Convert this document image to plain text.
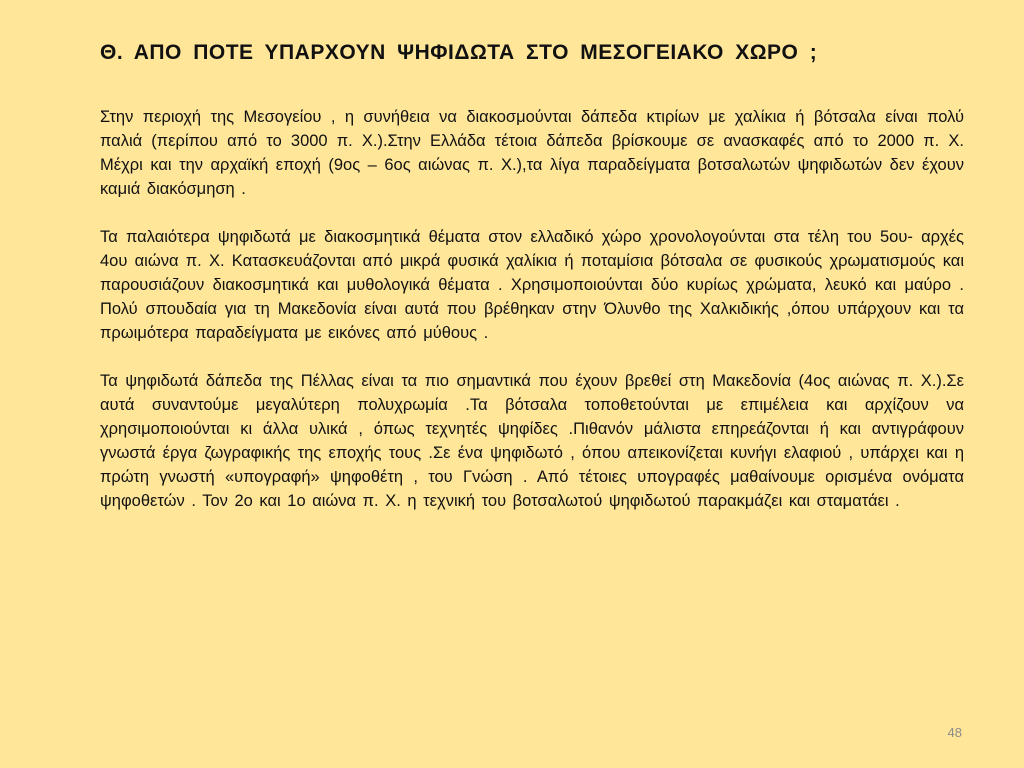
Θ. ΑΠΟ ΠΟΤΕ ΥΠΑΡΧΟΥΝ ΨΗΦΙΔΩΤΑ ΣΤΟ ΜΕΣΟΓΕΙΑΚΟ ΧΩΡΟ ;

Στην περιοχή της Μεσογείου , η συνήθεια να διακοσμούνται δάπεδα κτιρίων με χαλίκια ή βότσαλα είναι πολύ παλιά (περίπου από το 3000 π. Χ.).Στην Ελλάδα τέτοια δάπεδα βρίσκουμε σε ανασκαφές από το 2000 π. Χ. Μέχρι και την αρχαϊκή εποχή (9ος – 6ος αιώνας π. Χ.),τα λίγα παραδείγματα βοτσαλωτών ψηφιδωτών δεν έχουν καμιά διακόσμηση .

Τα παλαιότερα ψηφιδωτά με διακοσμητικά θέματα στον ελλαδικό χώρο χρονολογούνται στα τέλη του 5ου- αρχές 4ου αιώνα π. Χ. Κατασκευάζονται από μικρά φυσικά χαλίκια ή ποταμίσια βότσαλα σε φυσικούς χρωματισμούς και παρουσιάζουν διακοσμητικά και μυθολογικά θέματα . Χρησιμοποιούνται δύο κυρίως χρώματα, λευκό και μαύρο . Πολύ σπουδαία για τη Μακεδονία είναι αυτά που βρέθηκαν στην Όλυνθο της Χαλκιδικής ,όπου υπάρχουν και τα πρωιμότερα παραδείγματα με εικόνες από μύθους .

Τα ψηφιδωτά δάπεδα της Πέλλας είναι τα πιο σημαντικά που έχουν βρεθεί στη Μακεδονία (4ος αιώνας π. Χ.).Σε αυτά συναντούμε μεγαλύτερη πολυχρωμία .Τα βότσαλα τοποθετούνται με επιμέλεια και αρχίζουν να χρησιμοποιούνται κι άλλα υλικά , όπως τεχνητές ψηφίδες .Πιθανόν μάλιστα επηρεάζονται ή και αντιγράφουν γνωστά έργα ζωγραφικής της εποχής τους .Σε ένα ψηφιδωτό , όπου απεικονίζεται κυνήγι ελαφιού , υπάρχει και η πρώτη γνωστή «υπογραφή» ψηφοθέτη , του Γνώση . Από τέτοιες υπογραφές μαθαίνουμε ορισμένα ονόματα ψηφοθετών . Τον 2ο και 1ο αιώνα π. Χ. η τεχνική του βοτσαλωτού ψηφιδωτού παρακμάζει και σταματάει .

48
